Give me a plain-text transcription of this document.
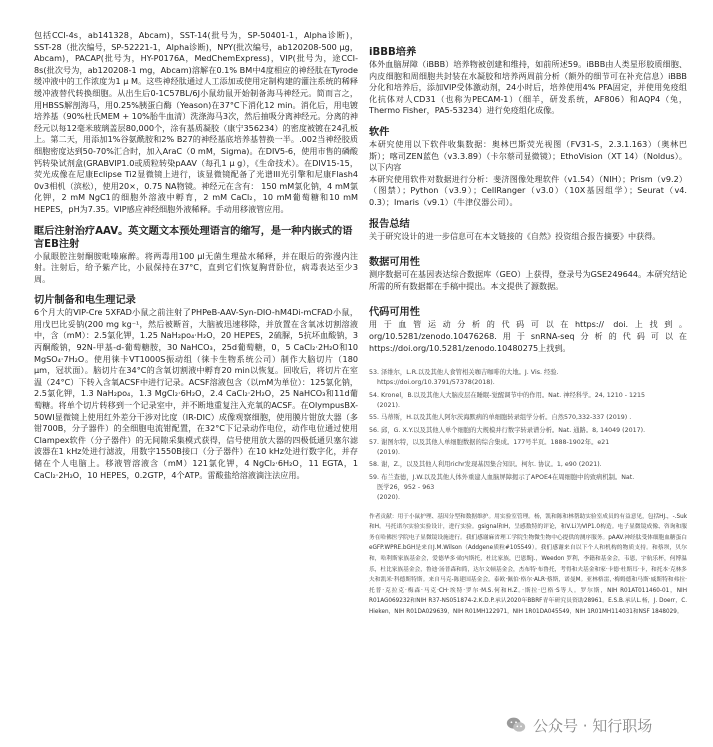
包括CCI-4s，ab141328，Abcam)，SST-14(批号为，SP-50401-1，Alpha诊断)，SST-28（批次编号，SP-52221-1，Alpha诊断)，NPY(批次编号，ab120208-500 μg，Abcam)，PACAP(批号为，HY-P0176A，MedChemExpress)，VIP(批号为，途CCI-8s(批次号为，ab120208-1 mg，Abcam)溶解在0.1% BM中4度相应的神经肽在Tyrode缓冲液中的工作浓度为1 μ M。这些神经肽通过人工添加或使用定制构建的灌注系统的稀释缓冲液替代转换细胞。从出生后0-1C57BL/6J小鼠幼鼠开始制备海马神经元。简而言之，用HBSS解剖海马，用0.25%胰蛋白酶（Yeason)在37°C下消化12 min。消化后，用电镀培养基（90%杜氏MEM + 10%胎牛血清）洗涤海马3次，然后抽吸分离神经元。分离的神经元以每12毫米玻璃盖层80,000个，涂有基质凝胶（康宁356234）的密度被镀在24孔板上。第二天，用添加1%谷氨酰胺和2% B27的神经基底培养基替换一半。.002当神经胶质细胞密度达到50-70%汇合时，加入AraC（0 mM，Sigma)。在DIV5-6，使用市售的磷酸钙转染试剂盒(GRABVIP1.0或质粒转染pAAV（每孔1 μ g），《生命技术）。在DIV15-15，荧光成像在尼康Eclipse Ti2显微镜上进行，该显微镜配备了光谱III光引擎和尼康Flash4 0v3相机（滨松），使用20×，0.75 NA物镜。神经元在含有： 150 mM氯化钠，4 mM氯化钾，2 mM NgC1的细胞外溶液中孵育，2 mM CaCl₂，10 mM葡萄糖和10 mM HEPES，pH为7.35。VIP感应神经细胞外液稀释。手动用移液管应用。

眶后注射治疗AAV。英文题文本预处理语言的缩写，是一种内嵌式的语言EB注射

小鼠眼腔注射酮胺吡嗪麻醉。将两毒用100 μl无菌生理盐水稀释，并在眼后的弥漫内注射。注射后，给予紫产比，小鼠保持在37°C，直到它们恢复胸背卧位，病毒表达至少3周。

切片制备和电生理记录

6个月大的VIP-Cre 5XFAD小鼠之前注射了PHPeB-AAV-Syn-DIO-hM4Di-mCFAD小鼠，用戊巴比妥钠(200 mg kg⁻¹，然后被断首，大脑被迅速移除，并放置在含氧冰切割溶液中，含（mM）：2.5氯化钾，1.25 NaH₂po₄·H₂O，20 HEPES，2硫脲，5抗坏血酸钠，3丙酮酸钠，92N-甲基-d-葡萄糖胺，30 NaHCO₃，25d葡萄糖，0，5 CaCl₂·2H₂O和10 MgSO₄·7H₂O。使用徕卡VT1000S振动组（徕卡生物系统公司）制作大脑切片（180 μm，冠状面）。脑切片在34°C的含氧切割液中孵育20 min以恢复。回收后，将切片在室温（24°C）下转入含氧ACSF中进行记录。ACSF溶液包含（以mM为单位）：125氯化钠，2.5氯化钾，1.3 NaH₂po₄，1.3 MgCl₂·6H₂O，2.4 CaCl₂·2H₂O，25 NaHCO₃和11d葡萄糖。将单个切片转移到一个记录室中，并不断地重复注入充氧的ACSF。在OlympusBX-50WI显微镜上使用红外差分干涉对比度（IR-DIC）成像观察细胞，使用膜片钳放大器（多钳700B，分子器件）的全细胞电流钳配置，在32°C下记录动作电位，动作电位通过使用Clampex软件（分子器件）的无间隙采集模式获得，信号使用放大器的四极低通贝塞尔滤波器在1 kHz处进行滤波，用数字1550B接口（分子器件）在10 kHz处进行数字化，并存储在个人电脑上。移液管溶液含（mM）121氯化钾，4 NgCl₂·6H₂O，11 EGTA，1 CaCl₂·2H₂O，10 HEPES，0.2GTP，4个ATP。雷酸盐给溶液滴注法应用。

iBBB培养

体外血脑屏障（iBBB）培养物被创建和维持，如前所述59。iBBB由人类星形胶质细胞、内皮细胞和周细胞共封装在水凝胶和培养两周前分析（额外的细节可在补充信息）iBBB分化和培养后，添加VIP受体激动剂，24小时后，培养使用4% PFA固定，并使用免疫组化抗体对人CD31（也称为PECAM-1）（细羊，研发系统，AF806）和AQP4（兔，Thermo Fisher，PA5-53234）进行免疫组化成像。

软件

本研究使用以下软件收集数据：奥林巴斯荧光视图（FV31-S，2.3.1.163）（奥林巴斯）；喀司ZEN蓝色（v3.3.89）（卡尔蔡司显微镜）；EthoVision（XT 14）（Noldus）。以下内容
本研究使用软件对数据进行分析：斐济图像处理软件（v1.54）（NIH）；Prism（v9.2）（图禁）；Python（v3.9）；CellRanger（v3.0）（10X基因组学）；Seurat（v4. 0.3）；Imaris（v9.1）（牛津仪器公司）。

报告总结

关于研究设计的进一步信息可在本文链接的《自然》投资组合报告摘要》中获得。

数据可用性

测序数据可在基因表达综合数据库（GEO）上获得，登录号为GSE249644。本研究结论所需的所有数据都在手稿中提出。本文提供了源数据。

代码可用性

用于血管运动分析的代码可以在https:// doi.上找到。org/10.5281/zenodo.10476268.用于snRNA-seq分析的代码可以在https://doi.org/10.5281/zenodo.10480275上找到。

53. 泽维尔，L.R.以及其他人食管相关咖吉咖啡的大地。J. Vis. 经验.
https://doi.org/10.3791/57378(2018).

54. Kronel，B.以及其他人大脑皮层在睡眠-觉醒调节中的作用。Nat. 神经科学。24, 1210 - 1215
(2021).

55. 马蒂斯，H.以及其他人阿尔茨海默病的单细胞转录组学分析。自然570,332-337 (2019) .

56. 邱，G. X.Y.以及其他人单个细胞的大规模并行数字转录谱分析。Nat. 通路。8, 14049 (2017).

57. 谢图尔特，以及其他人单细胞数据的综合集成。177号半页。1888-1902年。e21
(2019).

58. 谢，Z.，以及其他人利用richr发现基因集合知识。柯尔. 协议。1, e90 (2021).

59. 布兰查德，J.W.以及其他人体外重建人血脑屏障揭示了APOE4在周细胞中的致病机制。Nat.
医学26，952 - 963
(2020).

作者贡献：用于小鼠护理、基因分型和数据维护。用实验室管理。杨，凯和陈和林帮助实验室成员的有益意见，包括HJ.，-.Suk和H。马托诺尔实验实验设计，进行实验。gsignal和H，呈感数特的评论，和V.Li为VIP1.0构造。电子显微镜成像、咨询和服务在哈佛医学院电子显微镜设施进行。我们感谢麻省理工学院生物微生物中心提供的测序服务。pAAV.神经肽受体细胞血糖蛋白eGFP.WPRE.bGH是来自J.M.Wilson（Addgene质粒#105549）。我们感谢来自以下个人和机构的物质支持。和蔡坝，贝尔和，哈利斯家族基金会，爱德华多·欧内斯托，杜比家族，巴恩斯J.，Weedon 罗利，李籍和基金会，韦恩，宇航乐杯，何博温乐，杜比家族基金会，鲁迪·汤普森和简，达尔文顿基金会，杰布特·布鲁托，考得和夫基金和家·卡德·杜斯耳·卡，和托本·克林多夫和凯米·科德斯特斯。来自马克-陈建国基金会。泰欧·佩伯·格尔·ALR·蔡斯，诺曼M。亚林格雷，·梅姆德和马斯·威斯特和弗拉·托普·克拉克·梅森·马克·CH·埃特·罗尔·M.S.何和H.Z。·斯拉·巴格·S等人。罗尔斯，NIH R01AT011460-01，NIH R01AG069232和NIH R37-NS051874-2.K.D.P.承认2020年BBRF青年研究员资助28961。E.S.B.承认L.杨，J. Doerr，C. Hieken，NIH R01DA029639，NIH R01MH122971，NIH 1R01DA045549，NIH 1R01MH114031和NSF 1848029。

公众号 · 知行职场
